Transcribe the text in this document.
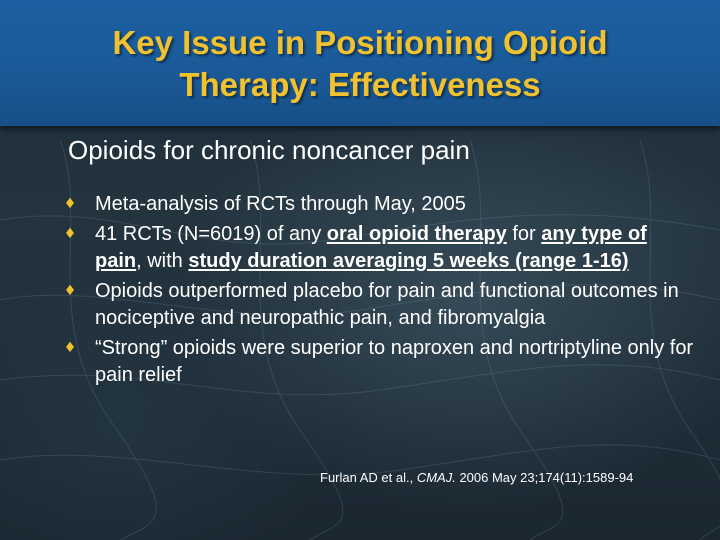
Key Issue in Positioning Opioid
Therapy: Effectiveness
Opioids for chronic noncancer pain
♦ Meta-analysis of RCTs through May, 2005
♦ 41 RCTs (N=6019) of any oral opioid therapy for any type of pain, with study duration averaging 5 weeks (range 1-16)
♦ Opioids outperformed placebo for pain and functional outcomes in nociceptive and neuropathic pain, and fibromyalgia
♦ “Strong” opioids were superior to naproxen and nortriptyline only for pain relief

Furlan AD et al., CMAJ. 2006 May 23;174(11):1589-94
